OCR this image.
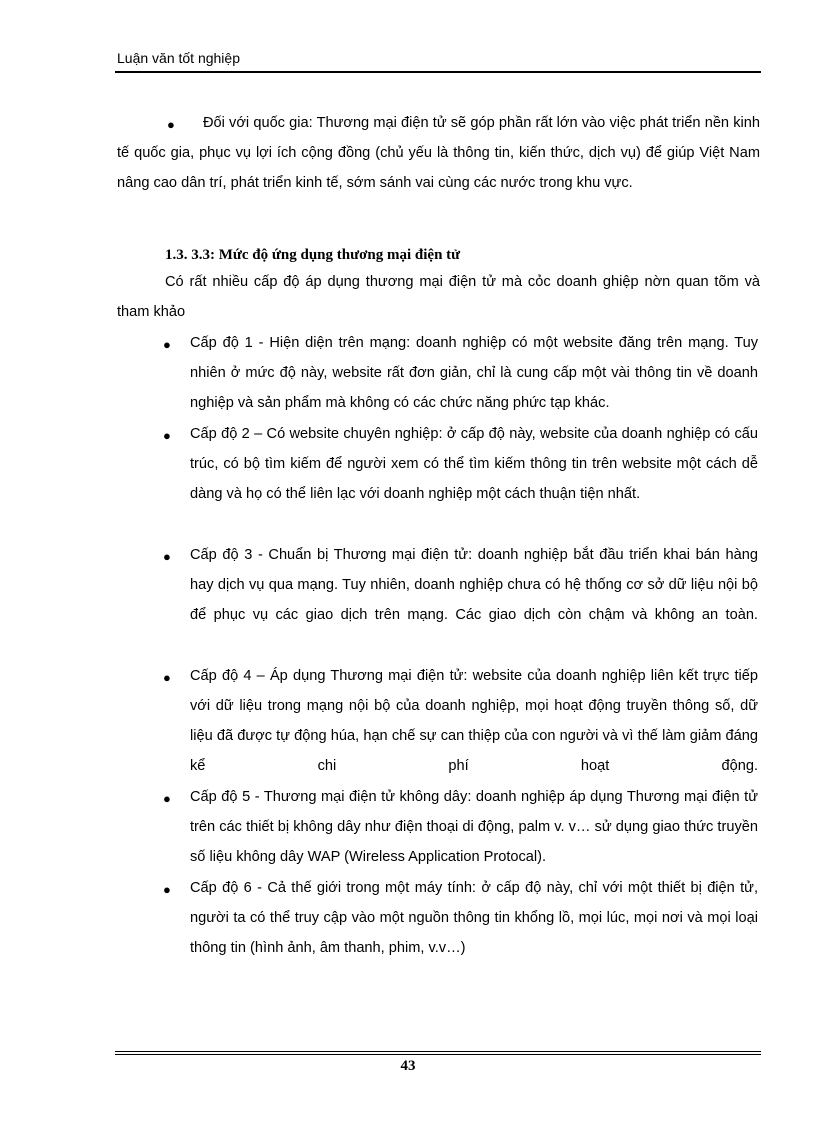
Luận văn tốt nghiệp
●	Đối với quốc gia: Thương mại điện tử sẽ góp phần rất lớn vào việc phát triển nền kinh tế quốc gia, phục vụ lợi ích cộng đồng (chủ yếu là thông tin, kiến thức, dịch vụ) để giúp Việt Nam nâng cao dân trí, phát triển kinh tế, sớm sánh vai cùng các nước trong khu vực.
1.3. 3.3: Mức độ ứng dụng thương mại điện tử
Có rất nhiều cấp độ áp dụng thương mại điện tử mà cỏc doanh ghiệp nờn quan tõm và tham khảo
● Cấp độ 1 - Hiện diện trên mạng: doanh nghiệp có một website đăng trên mạng. Tuy nhiên ở mức độ này, website rất đơn giản, chỉ là cung cấp một vài thông tin về doanh nghiệp và sản phẩm mà không có các chức năng phức tạp khác.
● Cấp độ 2 – Có website chuyên nghiệp: ở cấp độ này, website của doanh nghiệp có cấu trúc, có bộ tìm kiếm để người xem có thể tìm kiếm thông tin trên website một cách dễ dàng và họ có thể liên lạc với doanh nghiệp một cách thuận tiện nhất.
● Cấp độ 3 - Chuẩn bị Thương mại điện tử: doanh nghiệp bắt đầu triển khai bán hàng hay dịch vụ qua mạng. Tuy nhiên, doanh nghiệp chưa có hệ thống cơ sở dữ liệu nội bộ để phục vụ các giao dịch trên mạng. Các giao dịch còn chậm và không an toàn.
● Cấp độ 4 – Áp dụng Thương mại điện tử: website của doanh nghiệp liên kết trực tiếp với dữ liệu trong mạng nội bộ của doanh nghiệp, mọi hoạt động truyền thông số, dữ liệu đã được tự động húa, hạn chế sự can thiệp của con người và vì thế làm giảm đáng kể chi phí hoạt động.
● Cấp độ 5 - Thương mại điện tử không dây: doanh nghiệp áp dụng Thương mại điện tử trên các thiết bị không dây như điện thoại di động, palm v. v… sử dụng giao thức truyền số liệu không dây WAP (Wireless Application Protocal).
● Cấp độ 6 - Cả thế giới trong một máy tính: ở cấp độ này, chỉ với một thiết bị điện tử, người ta có thể truy cập vào một nguồn thông tin khổng lồ, mọi lúc, mọi nơi và mọi loại thông tin (hình ảnh, âm thanh, phim, v.v…)
43
